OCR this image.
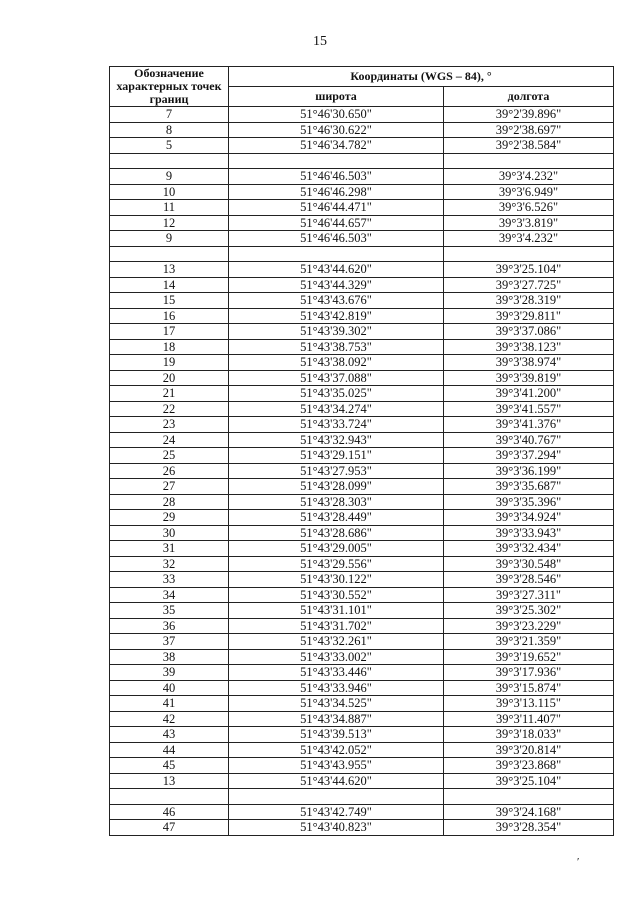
15
Обозначение характерных точек границ	Координаты (WGS – 84), °	
	широта	долгота
7	51°46'30.650"	39°2'39.896"
8	51°46'30.622"	39°2'38.697"
5	51°46'34.782"	39°2'38.584"

9	51°46'46.503"	39°3'4.232"
10	51°46'46.298"	39°3'6.949"
11	51°46'44.471"	39°3'6.526"
12	51°46'44.657"	39°3'3.819"
9	51°46'46.503"	39°3'4.232"

13	51°43'44.620"	39°3'25.104"
14	51°43'44.329"	39°3'27.725"
15	51°43'43.676"	39°3'28.319"
16	51°43'42.819"	39°3'29.811"
17	51°43'39.302"	39°3'37.086"
18	51°43'38.753"	39°3'38.123"
19	51°43'38.092"	39°3'38.974"
20	51°43'37.088"	39°3'39.819"
21	51°43'35.025"	39°3'41.200"
22	51°43'34.274"	39°3'41.557"
23	51°43'33.724"	39°3'41.376"
24	51°43'32.943"	39°3'40.767"
25	51°43'29.151"	39°3'37.294"
26	51°43'27.953"	39°3'36.199"
27	51°43'28.099"	39°3'35.687"
28	51°43'28.303"	39°3'35.396"
29	51°43'28.449"	39°3'34.924"
30	51°43'28.686"	39°3'33.943"
31	51°43'29.005"	39°3'32.434"
32	51°43'29.556"	39°3'30.548"
33	51°43'30.122"	39°3'28.546"
34	51°43'30.552"	39°3'27.311"
35	51°43'31.101"	39°3'25.302"
36	51°43'31.702"	39°3'23.229"
37	51°43'32.261"	39°3'21.359"
38	51°43'33.002"	39°3'19.652"
39	51°43'33.446"	39°3'17.936"
40	51°43'33.946"	39°3'15.874"
41	51°43'34.525"	39°3'13.115"
42	51°43'34.887"	39°3'11.407"
43	51°43'39.513"	39°3'18.033"
44	51°43'42.052"	39°3'20.814"
45	51°43'43.955"	39°3'23.868"
13	51°43'44.620"	39°3'25.104"

46	51°43'42.749"	39°3'24.168"
47	51°43'40.823"	39°3'28.354"
′
